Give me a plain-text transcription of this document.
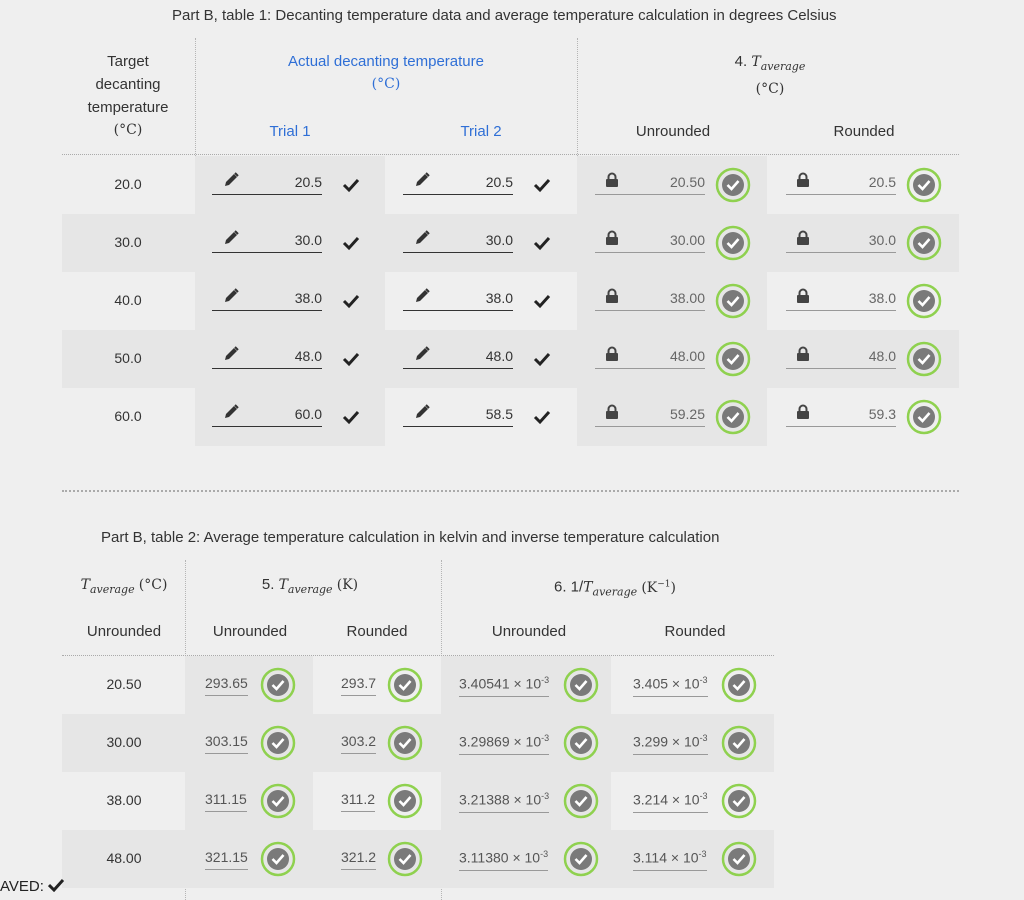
Part B, table 1: Decanting temperature data and average temperature calculation in degrees Celsius
Target
decanting
temperature
(°C)
Actual decanting temperature
(°C)
Trial 1	Trial 2
4. $T_{average}$
(°C)
Unrounded	Rounded
20.0	20.5	20.5	20.50	20.5
30.0	30.0	30.0	30.00	30.0
40.0	38.0	38.0	38.00	38.0
50.0	48.0	48.0	48.00	48.0
60.0	60.0	58.5	59.25	59.3
Part B, table 2: Average temperature calculation in kelvin and inverse temperature calculation
$T_{average}$ (°C)	5. $T_{average}$ (K)	6. $1/T_{average}$ $(K^{-1})$
Unrounded	Unrounded	Rounded	Unrounded	Rounded
20.50	293.65	293.7	$3.40541 \times 10^{-3}$	$3.405 \times 10^{-3}$
30.00	303.15	303.2	$3.29869 \times 10^{-3}$	$3.299 \times 10^{-3}$
38.00	311.15	311.2	$3.21388 \times 10^{-3}$	$3.214 \times 10^{-3}$
48.00	321.15	321.2	$3.11380 \times 10^{-3}$	$3.114 \times 10^{-3}$
AVED:
